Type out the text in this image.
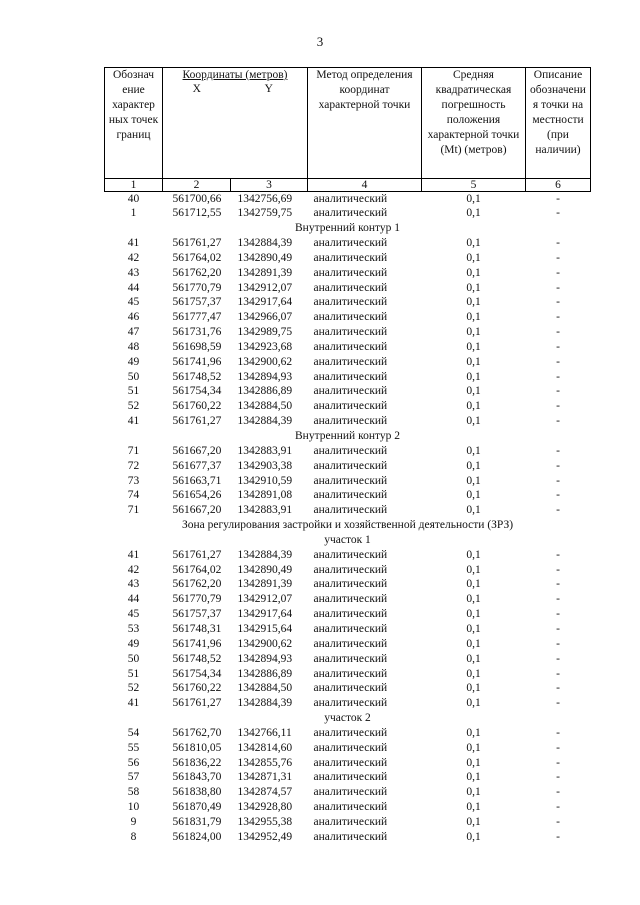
3
Обознач ение характер ных точек границ	Координаты (метров)		Метод определения координат характерной точки	Средняя квадратическая погрешность положения характерной точки (Mt) (метров)	Описание обозначени я точки на местности (при наличии)
	X	Y			
1	2	3	4	5	6
40	561700,66	1342756,69	аналитический	0,1	-
1	561712,55	1342759,75	аналитический	0,1	-
Внутренний контур 1					
41	561761,27	1342884,39	аналитический	0,1	-
42	561764,02	1342890,49	аналитический	0,1	-
43	561762,20	1342891,39	аналитический	0,1	-
44	561770,79	1342912,07	аналитический	0,1	-
45	561757,37	1342917,64	аналитический	0,1	-
46	561777,47	1342966,07	аналитический	0,1	-
47	561731,76	1342989,75	аналитический	0,1	-
48	561698,59	1342923,68	аналитический	0,1	-
49	561741,96	1342900,62	аналитический	0,1	-
50	561748,52	1342894,93	аналитический	0,1	-
51	561754,34	1342886,89	аналитический	0,1	-
52	561760,22	1342884,50	аналитический	0,1	-
41	561761,27	1342884,39	аналитический	0,1	-
Внутренний контур 2					
71	561667,20	1342883,91	аналитический	0,1	-
72	561677,37	1342903,38	аналитический	0,1	-
73	561663,71	1342910,59	аналитический	0,1	-
74	561654,26	1342891,08	аналитический	0,1	-
71	561667,20	1342883,91	аналитический	0,1	-
Зона регулирования застройки и хозяйственной деятельности (ЗРЗ)					
участок 1					
41	561761,27	1342884,39	аналитический	0,1	-
42	561764,02	1342890,49	аналитический	0,1	-
43	561762,20	1342891,39	аналитический	0,1	-
44	561770,79	1342912,07	аналитический	0,1	-
45	561757,37	1342917,64	аналитический	0,1	-
53	561748,31	1342915,64	аналитический	0,1	-
49	561741,96	1342900,62	аналитический	0,1	-
50	561748,52	1342894,93	аналитический	0,1	-
51	561754,34	1342886,89	аналитический	0,1	-
52	561760,22	1342884,50	аналитический	0,1	-
41	561761,27	1342884,39	аналитический	0,1	-
участок 2					
54	561762,70	1342766,11	аналитический	0,1	-
55	561810,05	1342814,60	аналитический	0,1	-
56	561836,22	1342855,76	аналитический	0,1	-
57	561843,70	1342871,31	аналитический	0,1	-
58	561838,80	1342874,57	аналитический	0,1	-
10	561870,49	1342928,80	аналитический	0,1	-
9	561831,79	1342955,38	аналитический	0,1	-
8	561824,00	1342952,49	аналитический	0,1	-
